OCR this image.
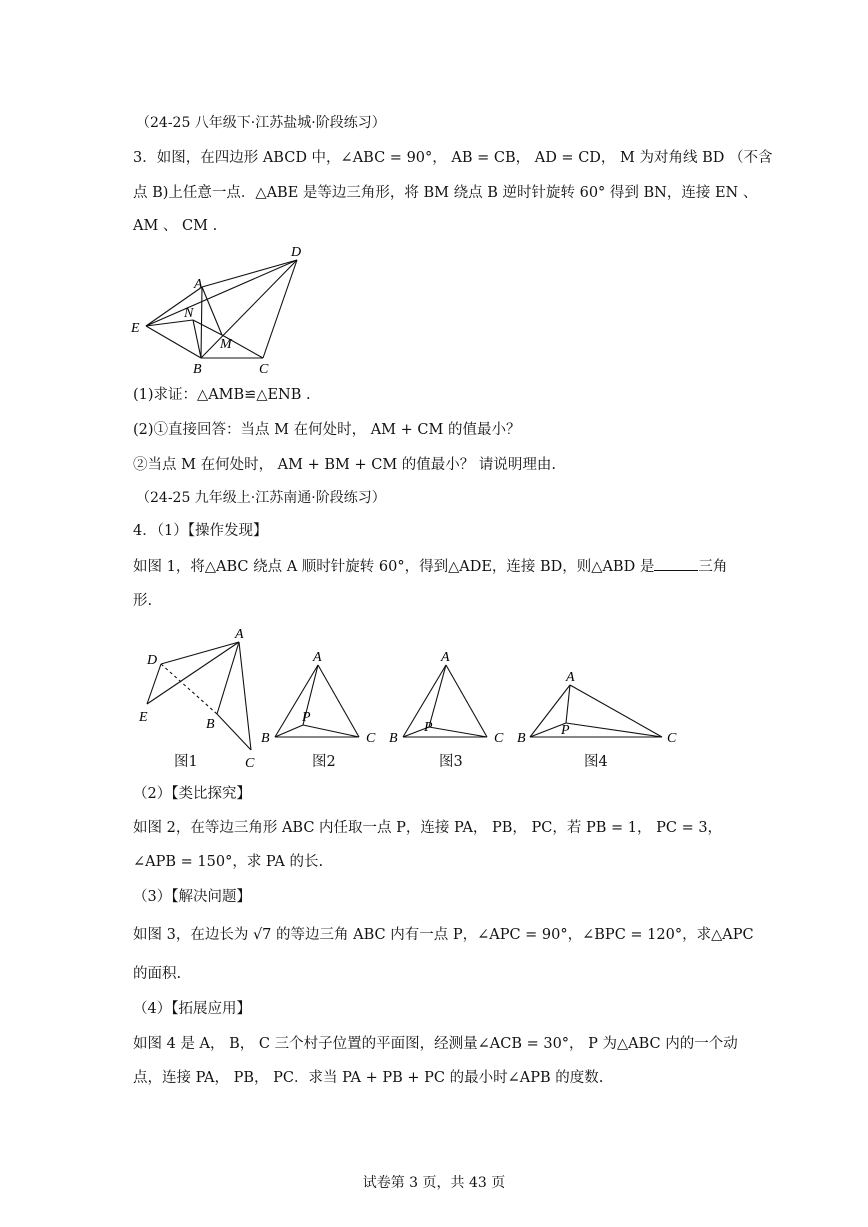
（24-25 八年级下·江苏盐城·阶段练习）
3．如图，在四边形 ABCD 中，∠ABC = 90°， AB = CB， AD = CD， M 为对角线 BD （不含
点 B)上任意一点．△ABE 是等边三角形，将 BM 绕点 B 逆时针旋转 60° 得到 BN，连接 EN 、
AM 、 CM .
D
A
N
E
M
B	C
(1)求证：△AMB≌△ENB .
(2)①直接回答：当点 M 在何处时， AM + CM 的值最小？
②当点 M 在何处时， AM + BM + CM 的值最小？ 请说明理由.
（24-25 九年级上·江苏南通·阶段练习）
4．（1）【操作发现】
如图 1，将△ABC 绕点 A 顺时针旋转 60°，得到△ADE，连接 BD，则△ABD 是	三角
形.
A
D
E	B
C
图1
A
B	C
P
图2
A
B	C
P
图3
A
B	C
P
图4
（2）【类比探究】
如图 2，在等边三角形 ABC 内任取一点 P，连接 PA， PB， PC，若 PB = 1， PC = 3，
∠APB = 150°，求 PA 的长.
（3）【解决问题】
如图 3，在边长为 √7 的等边三角 ABC 内有一点 P，∠APC = 90°，∠BPC = 120°，求△APC
的面积.
（4）【拓展应用】
如图 4 是 A， B， C 三个村子位置的平面图，经测量∠ACB = 30°， P 为△ABC 内的一个动
点，连接 PA， PB， PC．求当 PA + PB + PC 的最小时∠APB 的度数.
试卷第 3 页，共 43 页
